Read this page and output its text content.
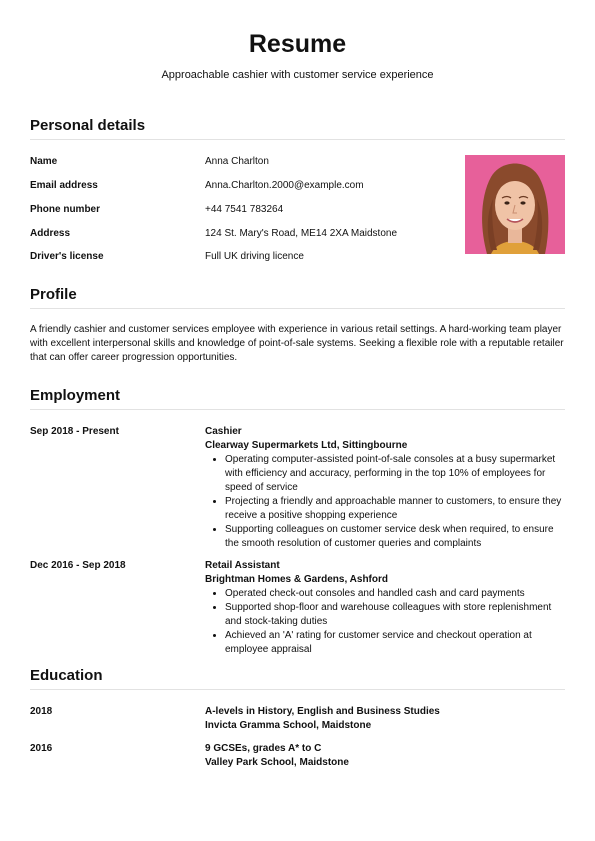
Resume
Approachable cashier with customer service experience
Personal details
Name	Anna Charlton
Email address	Anna.Charlton.2000@example.com
Phone number	+44 7541 783264
Address	124 St. Mary's Road, ME14 2XA Maidstone
Driver's license	Full UK driving licence
Profile
A friendly cashier and customer services employee with experience in various retail settings. A hard-working team player with excellent interpersonal skills and knowledge of point-of-sale systems. Seeking a flexible role with a reputable retailer that can offer career progression opportunities.
Employment
Sep 2018 - Present	Cashier
Clearway Supermarkets Ltd, Sittingbourne
• Operating computer-assisted point-of-sale consoles at a busy supermarket with efficiency and accuracy, performing in the top 10% of employees for speed of service
• Projecting a friendly and approachable manner to customers, to ensure they receive a positive shopping experience
• Supporting colleagues on customer service desk when required, to ensure the smooth resolution of customer queries and complaints
Dec 2016 - Sep 2018	Retail Assistant
Brightman Homes & Gardens, Ashford
• Operated check-out consoles and handled cash and card payments
• Supported shop-floor and warehouse colleagues with store replenishment and stock-taking duties
• Achieved an 'A' rating for customer service and checkout operation at employee appraisal
Education
2018	A-levels in History, English and Business Studies
Invicta Gramma School, Maidstone
2016	9 GCSEs, grades A* to C
Valley Park School, Maidstone
